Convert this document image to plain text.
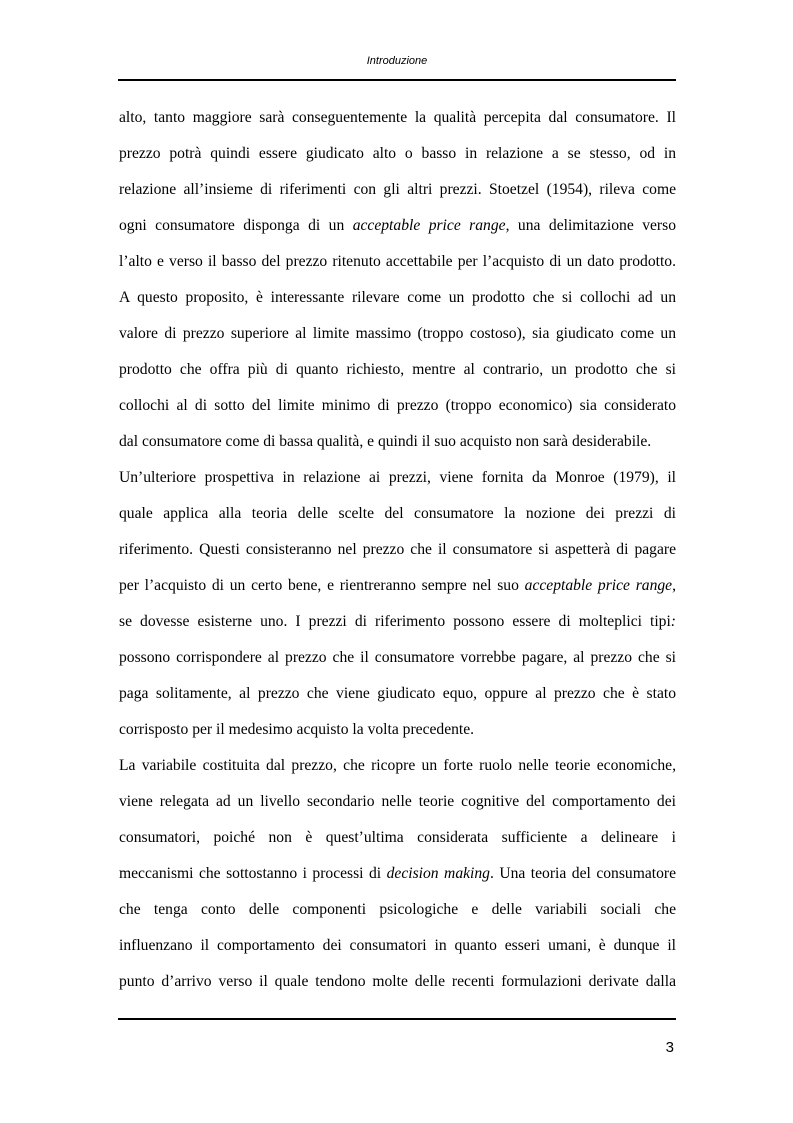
Introduzione
alto, tanto maggiore sarà conseguentemente la qualità percepita dal consumatore. Il
prezzo potrà quindi essere giudicato alto o basso in relazione a se stesso, od in
relazione all’insieme di riferimenti con gli altri prezzi. Stoetzel (1954), rileva come
ogni consumatore disponga di un acceptable price range, una delimitazione verso
l’alto e verso il basso del prezzo ritenuto accettabile per l’acquisto di un dato prodotto.
A questo proposito, è interessante rilevare come un prodotto che si collochi ad un
valore di prezzo superiore al limite massimo (troppo costoso), sia giudicato come un
prodotto che offra più di quanto richiesto, mentre al contrario, un prodotto che si
collochi al di sotto del limite minimo di prezzo (troppo economico) sia considerato
dal consumatore come di bassa qualità, e quindi il suo acquisto non sarà desiderabile.
Un’ulteriore prospettiva in relazione ai prezzi, viene fornita da Monroe (1979), il
quale applica alla teoria delle scelte del consumatore la nozione dei prezzi di
riferimento. Questi consisteranno nel prezzo che il consumatore si aspetterà di pagare
per l’acquisto di un certo bene, e rientreranno sempre nel suo acceptable price range,
se dovesse esisterne uno. I prezzi di riferimento possono essere di molteplici tipi:
possono corrispondere al prezzo che il consumatore vorrebbe pagare, al prezzo che si
paga solitamente, al prezzo che viene giudicato equo, oppure al prezzo che è stato
corrisposto per il medesimo acquisto la volta precedente.
La variabile costituita dal prezzo, che ricopre un forte ruolo nelle teorie economiche,
viene relegata ad un livello secondario nelle teorie cognitive del comportamento dei
consumatori, poiché non è quest’ultima considerata sufficiente a delineare i
meccanismi che sottostanno i processi di decision making. Una teoria del consumatore
che tenga conto delle componenti psicologiche e delle variabili sociali che
influenzano il comportamento dei consumatori in quanto esseri umani, è dunque il
punto d’arrivo verso il quale tendono molte delle recenti formulazioni derivate dalla
3
